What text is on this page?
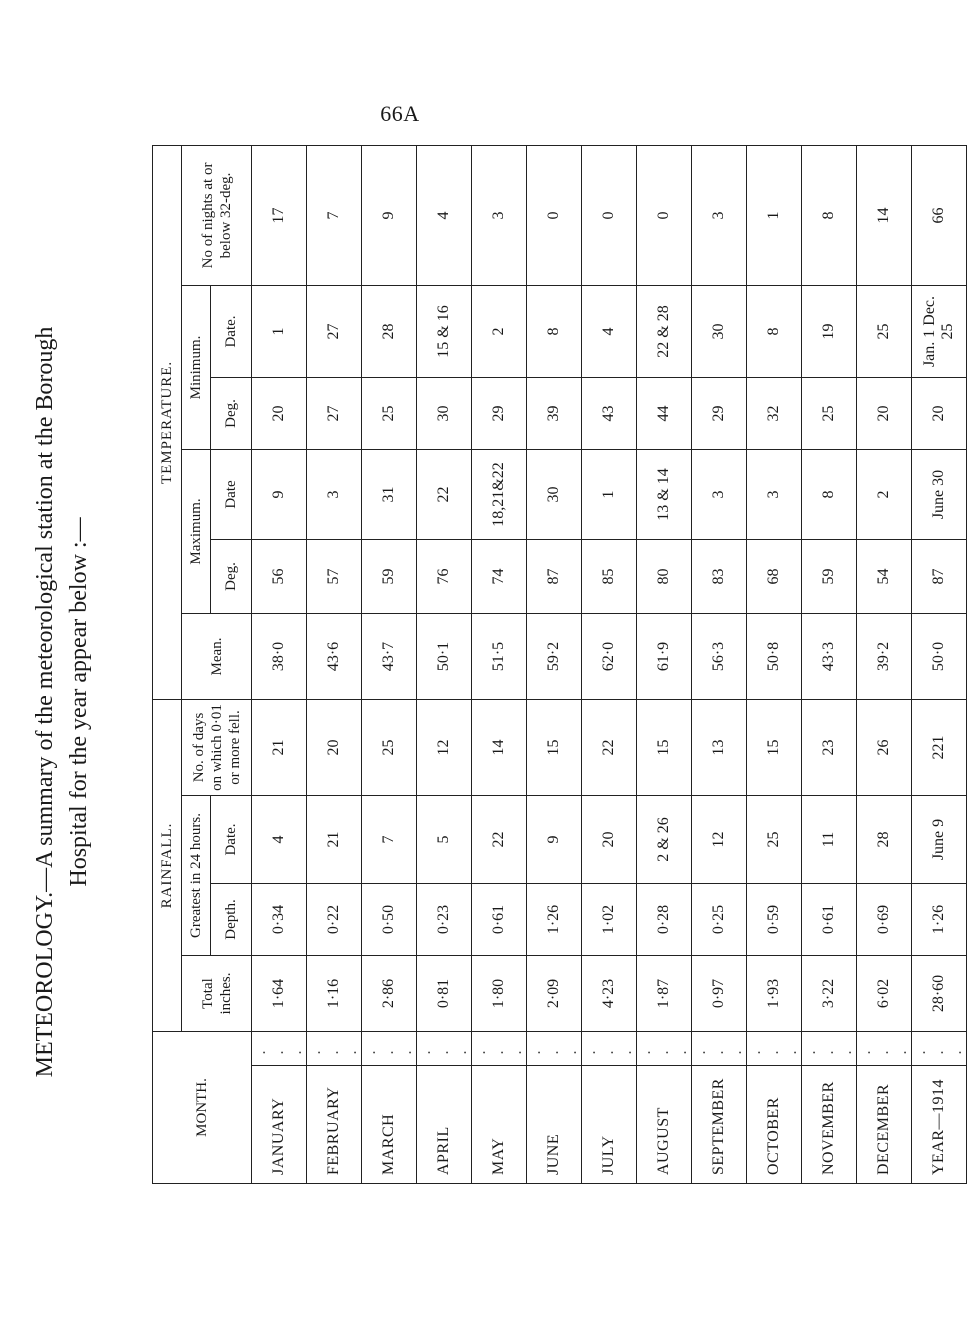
66A
METEOROLOGY.—A summary of the meteorological station at the Borough Hospital for the year appear below :—
MONTH.		RAINFALL.				TEMPERATURE.					
		Total inches.	Greatest in 24 hours.		No. of days on which 0·01 or more fell.	Mean.	Maximum.		Minimum.		No of nights at or below 32-deg.
			Depth.	Date.			Deg.	Date	Deg.	Date.	
JANUARY	. . .	1·64	0·34	4	21	38·0	56	9	20	1	17
FEBRUARY	. . .	1·16	0·22	21	20	43·6	57	3	27	27	7
MARCH	. . .	2·86	0·50	7	25	43·7	59	31	25	28	9
APRIL	. . .	0·81	0·23	5	12	50·1	76	22	30	15 & 16	4
MAY	. . .	1·80	0·61	22	14	51·5	74	18,21&22	29	2	3
JUNE	. . .	2·09	1·26	9	15	59·2	87	30	39	8	0
JULY	. . .	4·23	1·02	20	22	62·0	85	1	43	4	0
AUGUST	. . .	1·87	0·28	2 & 26	15	61·9	80	13 & 14	44	22 & 28	0
SEPTEMBER	. . .	0·97	0·25	12	13	56·3	83	3	29	30	3
OCTOBER	. . .	1·93	0·59	25	15	50·8	68	3	32	8	1
NOVEMBER	. . .	3·22	0·61	11	23	43·3	59	8	25	19	8
DECEMBER	. . .	6·02	0·69	28	26	39·2	54	2	20	25	14
YEAR—1914	. . .	28·60	1·26	June 9	221	50·0	87	June 30	20	Jan. 1 Dec. 25	66
